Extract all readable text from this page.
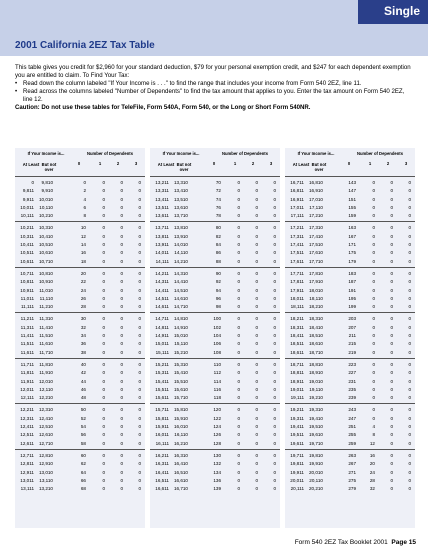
Single
2001 California 2EZ Tax Table

This table gives you credit for $2,960 for your standard deduction, $79 for your personal exemption credit, and $247 for each dependent exemption you are entitled to claim. To Find Your Tax:

• Read down the column labeled "If Your Income is . . ." to find the range that includes your income from Form 540 2EZ, line 11.

• Read across the columns labeled "Number of Dependents" to find the tax amount that applies to you. Enter the tax amount on Form 540 2EZ, line 12.

Caution: Do not use these tables for TeleFile, Form 540A, Form 540, or the Long or Short Form 540NR.

If Your Income is...	Number of Dependents
At Least But not over
0	1	2	3
0	9,810	0	0	0	0
9,811	9,910	2	0	0	0
9,911	10,010	4	0	0	0
10,011	10,110	6	0	0	0
10,111	10,210	8	0	0	0
10,211	10,310	10	0	0	0
10,311	10,410	12	0	0	0
10,411	10,510	14	0	0	0
10,511	10,610	16	0	0	0
10,611	10,710	18	0	0	0
10,711	10,810	20	0	0	0
10,811	10,910	22	0	0	0
10,911	11,010	24	0	0	0
11,011	11,110	26	0	0	0
11,111	11,210	28	0	0	0
11,211	11,310	30	0	0	0
11,311	11,410	32	0	0	0
11,411	11,510	34	0	0	0
11,511	11,610	36	0	0	0
11,611	11,710	38	0	0	0
11,711	11,810	40	0	0	0
11,811	11,910	42	0	0	0
11,911	12,010	44	0	0	0
12,011	12,110	46	0	0	0
12,111	12,210	48	0	0	0
12,211	12,310	50	0	0	0
12,311	12,410	52	0	0	0
12,411	12,510	54	0	0	0
12,511	12,610	56	0	0	0
12,611	12,710	58	0	0	0
12,711	12,810	60	0	0	0
12,811	12,910	62	0	0	0
12,911	13,010	64	0	0	0
13,011	13,110	66	0	0	0
13,111	13,210	68	0	0	0
If Your Income is...	Number of Dependents
At Least But not over
0	1	2	3
13,211	13,310	70	0	0	0
13,311	13,410	72	0	0	0
13,411	13,510	74	0	0	0
13,511	13,610	76	0	0	0
13,611	13,710	78	0	0	0
13,711	13,810	80	0	0	0
13,811	13,910	82	0	0	0
13,911	14,010	84	0	0	0
14,011	14,110	86	0	0	0
14,111	14,210	88	0	0	0
14,211	14,310	90	0	0	0
14,311	14,410	92	0	0	0
14,411	14,510	94	0	0	0
14,511	14,610	96	0	0	0
14,611	14,710	98	0	0	0
14,711	14,810	100	0	0	0
14,811	14,910	102	0	0	0
14,911	15,010	104	0	0	0
15,011	15,110	106	0	0	0
15,111	15,210	108	0	0	0
15,211	15,310	110	0	0	0
15,311	15,410	112	0	0	0
15,411	15,510	114	0	0	0
15,511	15,610	116	0	0	0
15,611	15,710	118	0	0	0
15,711	15,810	120	0	0	0
15,811	15,910	122	0	0	0
15,911	16,010	124	0	0	0
16,011	16,110	126	0	0	0
16,111	16,210	128	0	0	0
16,211	16,310	130	0	0	0
16,311	16,410	132	0	0	0
16,411	16,510	134	0	0	0
16,511	16,610	136	0	0	0
16,611	16,710	139	0	0	0
If Your Income is...	Number of Dependents
At Least But not over
0	1	2	3
16,711	16,810	143	0	0	0
16,811	16,910	147	0	0	0
16,911	17,010	151	0	0	0
17,011	17,110	155	0	0	0
17,111	17,210	159	0	0	0
17,211	17,310	163	0	0	0
17,311	17,410	167	0	0	0
17,411	17,510	171	0	0	0
17,511	17,610	175	0	0	0
17,611	17,710	179	0	0	0
17,711	17,810	183	0	0	0
17,811	17,910	187	0	0	0
17,911	18,010	191	0	0	0
18,011	18,110	195	0	0	0
18,111	18,210	199	0	0	0
18,211	18,310	203	0	0	0
18,311	18,410	207	0	0	0
18,411	18,510	211	0	0	0
18,511	18,610	215	0	0	0
18,611	18,710	219	0	0	0
18,711	18,810	223	0	0	0
18,811	18,910	227	0	0	0
18,911	19,010	231	0	0	0
19,011	19,110	235	0	0	0
19,111	19,210	239	0	0	0
19,211	19,310	243	0	0	0
19,311	19,410	247	0	0	0
19,411	19,510	251	4	0	0
19,511	19,610	255	8	0	0
19,611	19,710	259	12	0	0
19,711	19,810	263	16	0	0
19,811	19,910	267	20	0	0
19,911	20,010	271	24	0	0
20,011	20,110	275	28	0	0
20,111	20,210	279	32	0	0
Form 540 2EZ Tax Booklet 2001 Page 15
